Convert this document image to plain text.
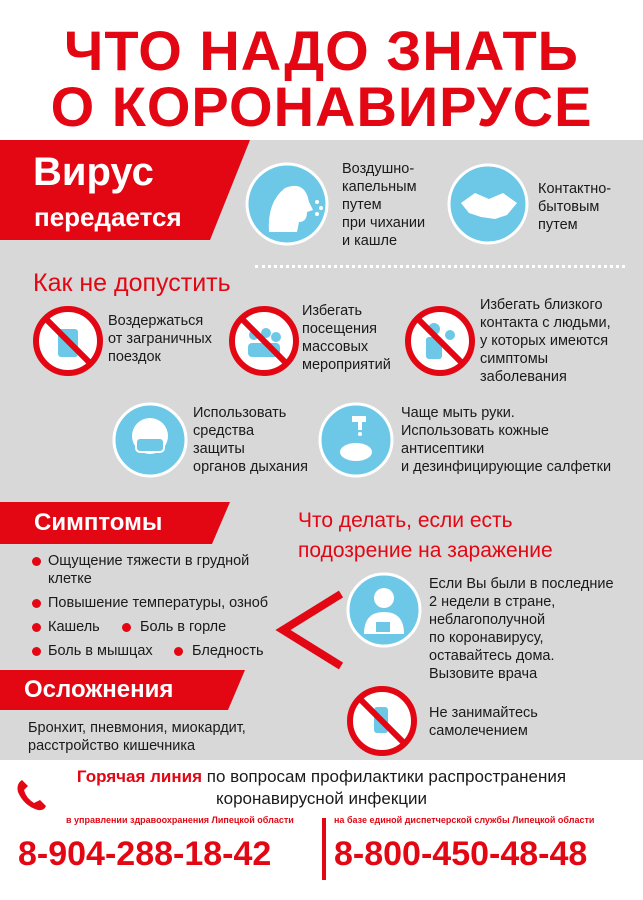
ЧТО НАДО ЗНАТЬ
О КОРОНАВИРУСЕ
Вирус
передается
Воздушно-
капельным
путем
при чихании
и кашле
Контактно-
бытовым
путем
Как не допустить
Воздержаться
от заграничных
поездок
Избегать
посещения
массовых
мероприятий
Избегать близкого
контакта с людьми,
у которых имеются
симптомы
заболевания
Использовать
средства
защиты
органов дыхания
Чаще мыть руки.
Использовать кожные
антисептики
и дезинфицирующие салфетки
Симптомы
Ощущение тяжести в грудной
клетке
Повышение температуры, озноб
Кашель	Боль в горле
Боль в мышцах	Бледность
Осложнения
Бронхит, пневмония, миокардит,
расстройство кишечника
Что делать, если есть
подозрение на заражение
Если Вы были в последние
2 недели в стране,
неблагополучной
по коронавирусу,
оставайтесь дома.
Вызовите врача
Не занимайтесь
самолечением
Горячая линия по вопросам профилактики распространения
коронавирусной инфекции
в управлении здравоохранения Липецкой области	на базе единой диспетчерской службы Липецкой области
8-904-288-18-42 8-800-450-48-48
